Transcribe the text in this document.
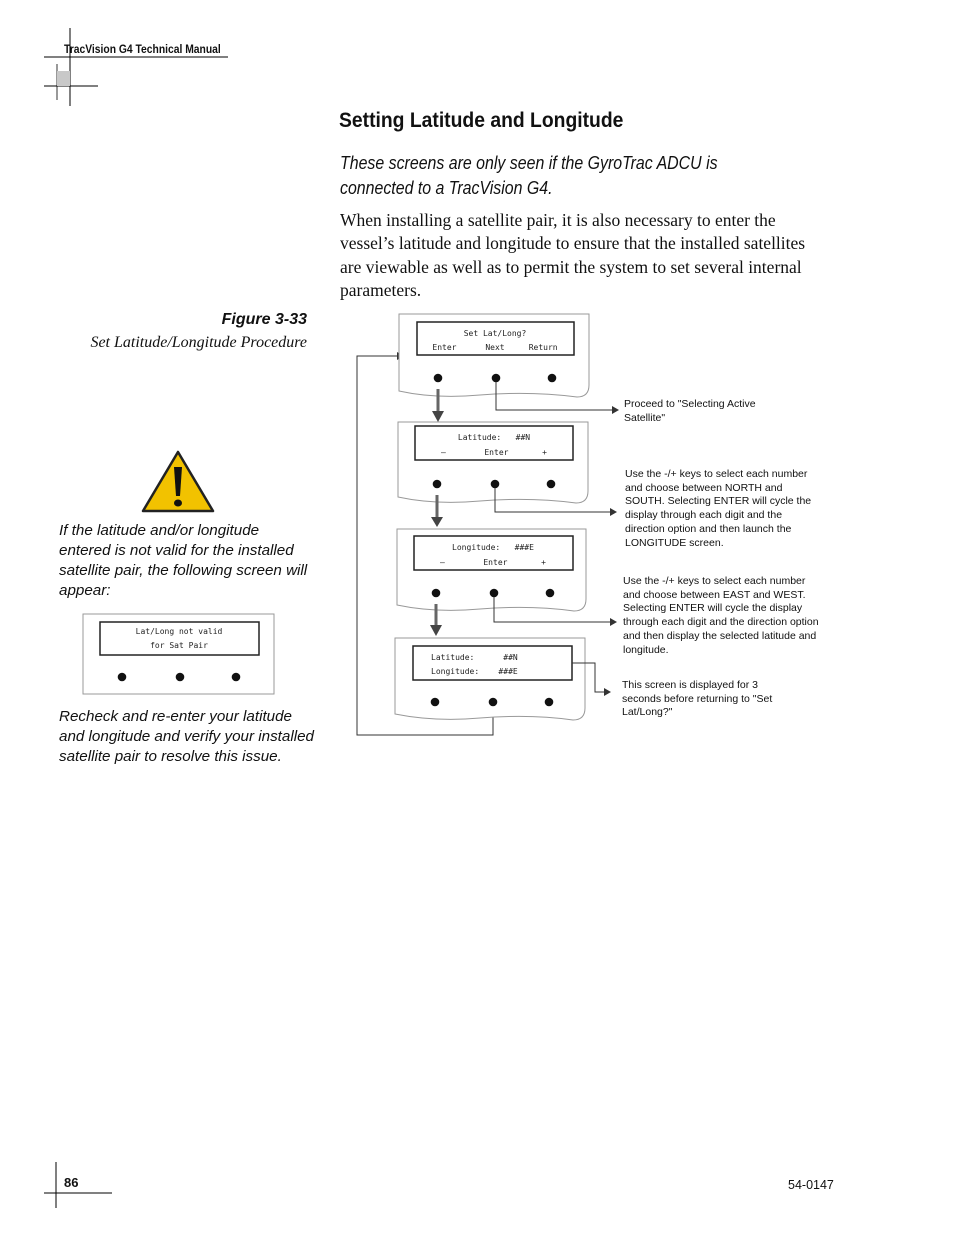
TracVision G4 Technical Manual
Setting Latitude and Longitude
These screens are only seen if the GyroTrac ADCU is connected to a TracVision G4.
When installing a satellite pair, it is also necessary to enter the vessel’s latitude and longitude to ensure that the installed satellites are viewable as well as to permit the system to set several internal parameters.
Figure 3-33
Set Latitude/Longitude Procedure
If the latitude and/or longitude entered is not valid for the installed satellite pair, the following screen will appear:
Lat/Long not valid
for Sat Pair
Recheck and re-enter your latitude and longitude and verify your installed satellite pair to resolve this issue.
Set Lat/Long?
Enter      Next     Return
Latitude:   ##N
–        Enter       +
Longitude:   ###E
–        Enter       +
Latitude:      ##N
Longitude:    ###E
Proceed to "Selecting Active Satellite"
Use the -/+ keys to select each number and choose between NORTH and SOUTH. Selecting ENTER will cycle the display through each digit and the direction option and then launch the LONGITUDE screen.
Use the -/+ keys to select each number and choose between EAST and WEST. Selecting ENTER will cycle the display through each digit and the direction option and then display the selected latitude and longitude.
This screen is displayed for 3 seconds before returning to "Set Lat/Long?"
86	54-0147
